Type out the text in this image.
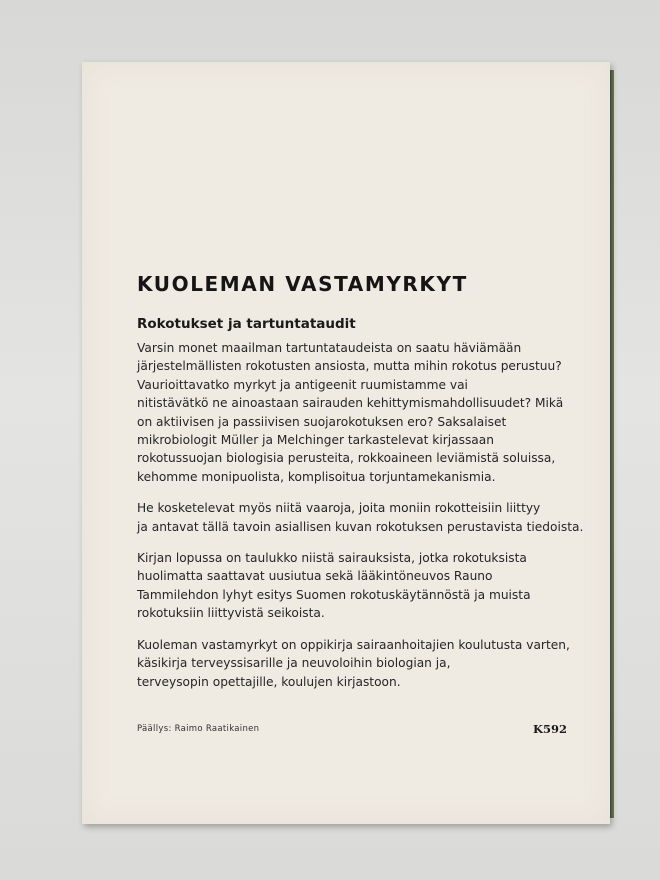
KUOLEMAN VASTAMYRKYT
Rokotukset ja tartuntataudit

Varsin monet maailman tartuntataudeista on saatu häviämään
järjestelmällisten rokotusten ansiosta, mutta mihin rokotus perustuu?
Vaurioittavatko myrkyt ja antigeenit ruumistamme vai
nitistävätkö ne ainoastaan sairauden kehittymismahdollisuudet? Mikä
on aktiivisen ja passiivisen suojarokotuksen ero? Saksalaiset
mikrobiologit Müller ja Melchinger tarkastelevat kirjassaan
rokotussuojan biologisia perusteita, rokkoaineen leviämistä soluissa,
kehomme monipuolista, komplisoitua torjuntamekanismia.

He kosketelevat myös niitä vaaroja, joita moniin rokotteisiin liittyy
ja antavat tällä tavoin asiallisen kuvan rokotuksen perustavista tiedoista.

Kirjan lopussa on taulukko niistä sairauksista, jotka rokotuksista
huolimatta saattavat uusiutua sekä lääkintöneuvos Rauno
Tammilehdon lyhyt esitys Suomen rokotuskäytännöstä ja muista
rokotuksiin liittyvistä seikoista.

Kuoleman vastamyrkyt on oppikirja sairaanhoitajien koulutusta varten,
käsikirja terveyssisarille ja neuvoloihin biologian ja,
terveysopin opettajille, koulujen kirjastoon.

Päällys: Raimo Raatikainen	K592
